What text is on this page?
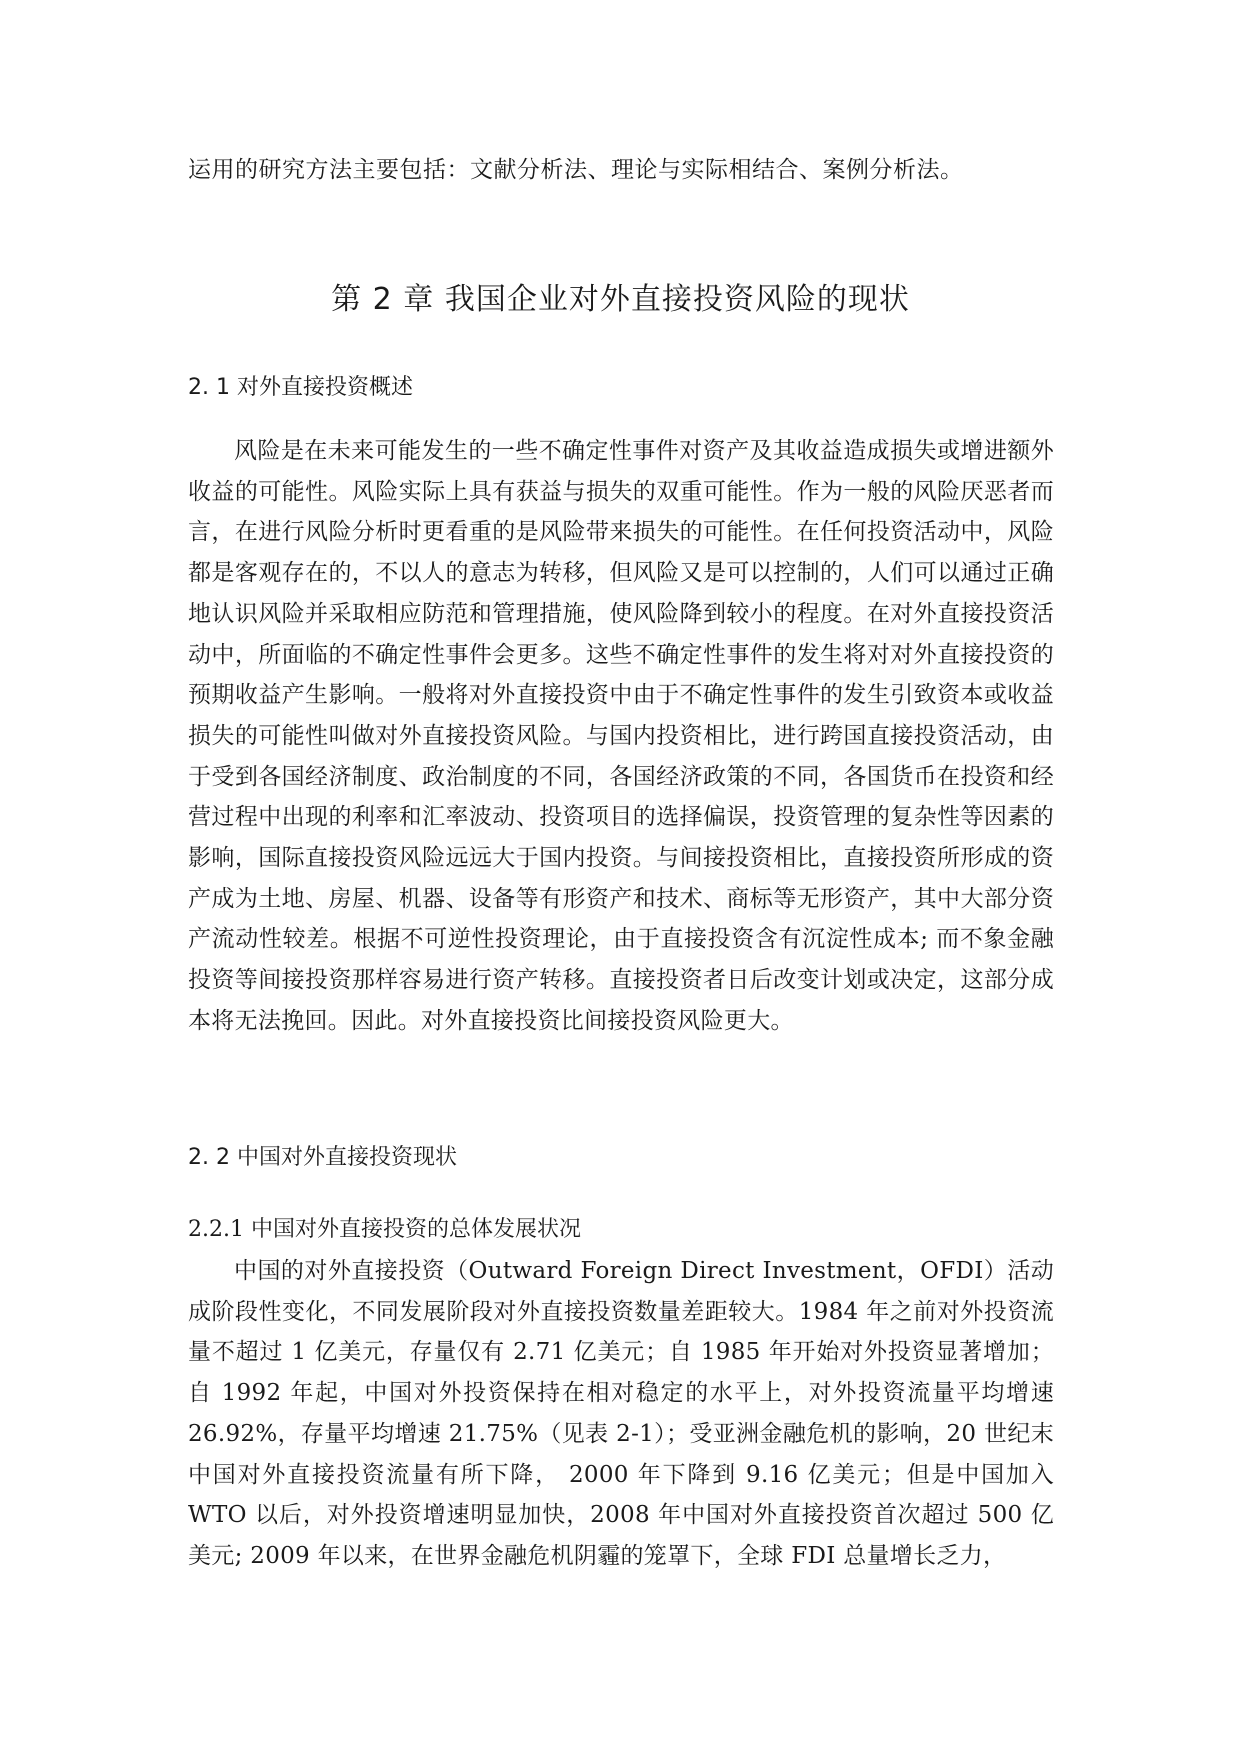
运用的研究方法主要包括：文献分析法、理论与实际相结合、案例分析法。

第 2 章 我国企业对外直接投资风险的现状
2. 1 对外直接投资概述

风险是在未来可能发生的一些不确定性事件对资产及其收益造成损失或增进额外收益的可能性。风险实际上具有获益与损失的双重可能性。作为一般的风险厌恶者而言，在进行风险分析时更看重的是风险带来损失的可能性。在任何投资活动中，风险都是客观存在的，不以人的意志为转移，但风险又是可以控制的，人们可以通过正确地认识风险并采取相应防范和管理措施，使风险降到较小的程度。在对外直接投资活动中，所面临的不确定性事件会更多。这些不确定性事件的发生将对对外直接投资的预期收益产生影响。一般将对外直接投资中由于不确定性事件的发生引致资本或收益损失的可能性叫做对外直接投资风险。与国内投资相比，进行跨国直接投资活动，由于受到各国经济制度、政治制度的不同，各国经济政策的不同，各国货币在投资和经营过程中出现的利率和汇率波动、投资项目的选择偏误，投资管理的复杂性等因素的影响，国际直接投资风险远远大于国内投资。与间接投资相比，直接投资所形成的资产成为土地、房屋、机器、设备等有形资产和技术、商标等无形资产，其中大部分资产流动性较差。根据不可逆性投资理论，由于直接投资含有沉淀性成本; 而不象金融投资等间接投资那样容易进行资产转移。直接投资者日后改变计划或决定，这部分成本将无法挽回。因此。对外直接投资比间接投资风险更大。

2. 2 中国对外直接投资现状
2.2.1 中国对外直接投资的总体发展状况

中国的对外直接投资（Outward Foreign Direct Investment，OFDI）活动成阶段性变化，不同发展阶段对外直接投资数量差距较大。1984 年之前对外投资流量不超过 1 亿美元，存量仅有 2.71 亿美元；自 1985 年开始对外投资显著增加；自 1992 年起，中国对外投资保持在相对稳定的水平上，对外投资流量平均增速 26.92%，存量平均增速 21.75%（见表 2-1）；受亚洲金融危机的影响，20 世纪末中国对外直接投资流量有所下降， 2000 年下降到 9.16 亿美元；但是中国加入 WTO 以后，对外投资增速明显加快，2008 年中国对外直接投资首次超过 500 亿美元; 2009 年以来，在世界金融危机阴霾的笼罩下，全球 FDI 总量增长乏力，
